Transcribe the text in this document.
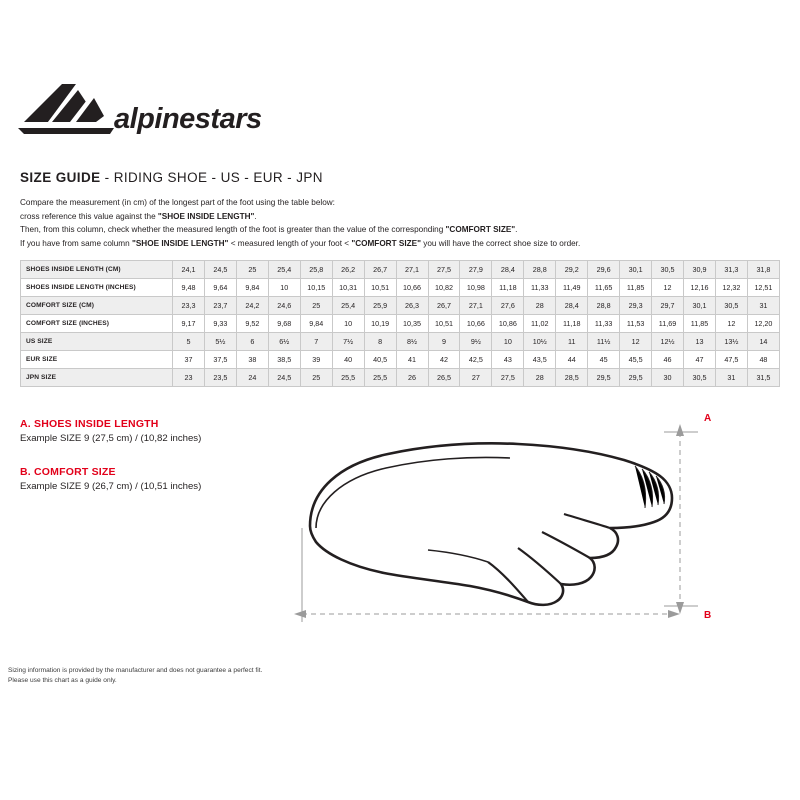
alpinestars
SIZE GUIDE - RIDING SHOE - US - EUR - JPN
Compare the measurement (in cm) of the longest part of the foot using the table below:
cross reference this value against the "SHOE INSIDE LENGTH".
Then, from this column, check whether the measured length of the foot is greater than the value of the corresponding "COMFORT SIZE".
If you have from same column "SHOE INSIDE LENGTH" < measured length of your foot < "COMFORT SIZE" you will have the correct shoe size to order.
SHOES INSIDE LENGTH (CM)	24,1	24,5	25	25,4	25,8	26,2	26,7	27,1	27,5	27,9	28,4	28,8	29,2	29,6	30,1	30,5	30,9	31,3	31,8
SHOES INSIDE LENGTH (INCHES)	9,48	9,64	9,84	10	10,15	10,31	10,51	10,66	10,82	10,98	11,18	11,33	11,49	11,65	11,85	12	12,16	12,32	12,51
COMFORT SIZE (CM)	23,3	23,7	24,2	24,6	25	25,4	25,9	26,3	26,7	27,1	27,6	28	28,4	28,8	29,3	29,7	30,1	30,5	31
COMFORT SIZE (INCHES)	9,17	9,33	9,52	9,68	9,84	10	10,19	10,35	10,51	10,66	10,86	11,02	11,18	11,33	11,53	11,69	11,85	12	12,20
US SIZE	5	5½	6	6½	7	7½	8	8½	9	9½	10	10½	11	11½	12	12½	13	13½	14
EUR SIZE	37	37,5	38	38,5	39	40	40,5	41	42	42,5	43	43,5	44	45	45,5	46	47	47,5	48
JPN SIZE	23	23,5	24	24,5	25	25,5	25,5	26	26,5	27	27,5	28	28,5	29,5	29,5	30	30,5	31	31,5
A. SHOES INSIDE LENGTH

Example SIZE 9 (27,5 cm) / (10,82 inches)

B. COMFORT SIZE

Example SIZE 9 (26,7 cm) / (10,51 inches)

A
B
Sizing information is provided by the manufacturer and does not guarantee a perfect fit.
Please use this chart as a guide only.
